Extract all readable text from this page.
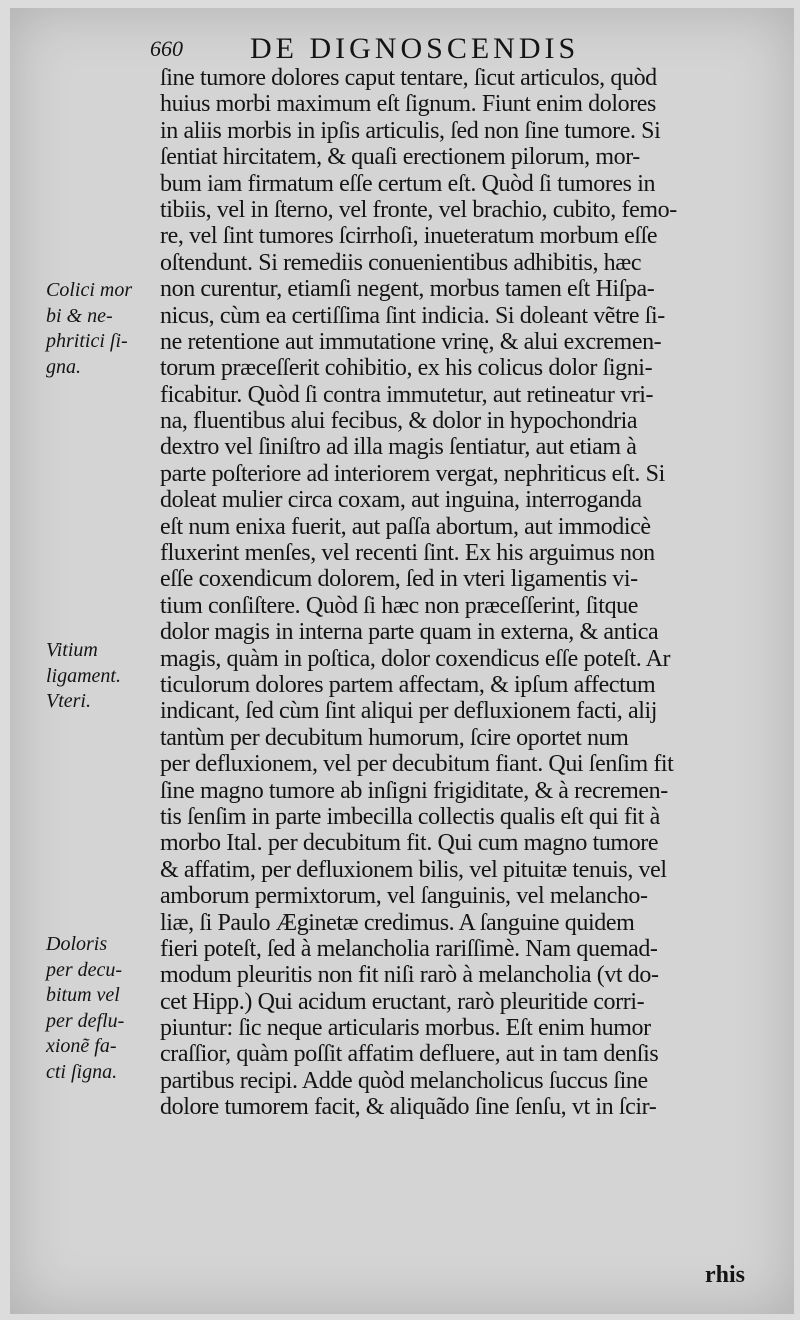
660 DE DIGNOSCENDIS
Colici mor
bi & ne-
phritici ſi-
gna.
Vitium
ligament.
Vteri.
Doloris
per decu-
bitum vel
per deflu-
xionẽ fa-
cti ſigna.
ſine tumore dolores caput tentare, ſicut articulos, quòd
huius morbi maximum eſt ſignum. Fiunt enim dolores
in aliis morbis in ipſis articulis, ſed non ſine tumore. Si
ſentiat hircitatem, & quaſi erectionem pilorum, mor-
bum iam firmatum eſſe certum eſt. Quòd ſi tumores in
tibiis, vel in ſterno, vel fronte, vel brachio, cubito, femo-
re, vel ſint tumores ſcirrhoſi, inueteratum morbum eſſe
oſtendunt. Si remediis conuenientibus adhibitis, hæc
non curentur, etiamſi negent, morbus tamen eſt Hiſpa-
nicus, cùm ea certiſſima ſint indicia. Si doleant vẽtre ſi-
ne retentione aut immutatione vrinę, & alui excremen-
torum præceſſerit cohibitio, ex his colicus dolor ſigni-
ficabitur. Quòd ſi contra immutetur, aut retineatur vri-
na, fluentibus alui fecibus, & dolor in hypochondria
dextro vel ſiniſtro ad illa magis ſentiatur, aut etiam à
parte poſteriore ad interiorem vergat, nephriticus eſt. Si
doleat mulier circa coxam, aut inguina, interroganda
eſt num enixa fuerit, aut paſſa abortum, aut immodicè
fluxerint menſes, vel recenti ſint. Ex his arguimus non
eſſe coxendicum dolorem, ſed in vteri ligamentis vi-
tium conſiſtere. Quòd ſi hæc non præceſſerint, ſitque
dolor magis in interna parte quam in externa, & antica
magis, quàm in poſtica, dolor coxendicus eſſe poteſt. Ar
ticulorum dolores partem affectam, & ipſum affectum
indicant, ſed cùm ſint aliqui per defluxionem facti, alij
tantùm per decubitum humorum, ſcire oportet num
per defluxionem, vel per decubitum fiant. Qui ſenſim fit
ſine magno tumore ab inſigni frigiditate, & à recremen-
tis ſenſim in parte imbecilla collectis qualis eſt qui fit à
morbo Ital. per decubitum fit. Qui cum magno tumore
& affatim, per defluxionem bilis, vel pituitæ tenuis, vel
amborum permixtorum, vel ſanguinis, vel melancho-
liæ, ſi Paulo Æginetæ credimus. A ſanguine quidem
fieri poteſt, ſed à melancholia rariſſimè. Nam quemad-
modum pleuritis non fit niſi rarò à melancholia (vt do-
cet Hipp.) Qui acidum eructant, rarò pleuritide corri-
piuntur: ſic neque articularis morbus. Eſt enim humor
craſſior, quàm poſſit affatim defluere, aut in tam denſis
partibus recipi. Adde quòd melancholicus ſuccus ſine
dolore tumorem facit, & aliquãdo ſine ſenſu, vt in ſcir-
rhis
